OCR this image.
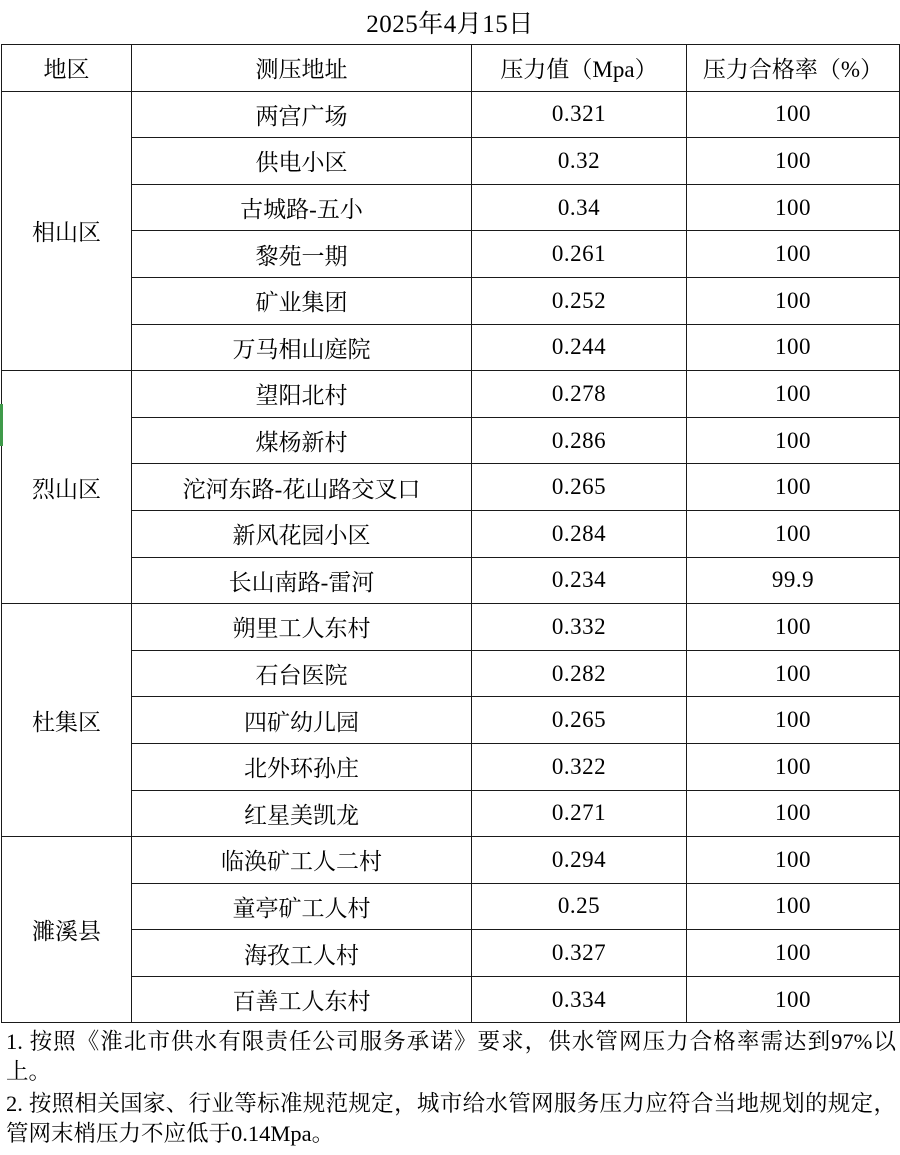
2025年4月15日
地区	测压地址	压力值（Mpa）	压力合格率（%）
相山区	两宫广场	0.321	100
	供电小区	0.32	100
	古城路-五小	0.34	100
	黎苑一期	0.261	100
	矿业集团	0.252	100
	万马相山庭院	0.244	100
烈山区	望阳北村	0.278	100
	煤杨新村	0.286	100
	沱河东路-花山路交叉口	0.265	100
	新风花园小区	0.284	100
	长山南路-雷河	0.234	99.9
杜集区	朔里工人东村	0.332	100
	石台医院	0.282	100
	四矿幼儿园	0.265	100
	北外环孙庄	0.322	100
	红星美凯龙	0.271	100
濉溪县	临涣矿工人二村	0.294	100
	童亭矿工人村	0.25	100
	海孜工人村	0.327	100
	百善工人东村	0.334	100

1. 按照《淮北市供水有限责任公司服务承诺》要求，供水管网压力合格率需达到97%以上。

2. 按照相关国家、行业等标准规范规定，城市给水管网服务压力应符合当地规划的规定，管网末梢压力不应低于0.14Mpa。
